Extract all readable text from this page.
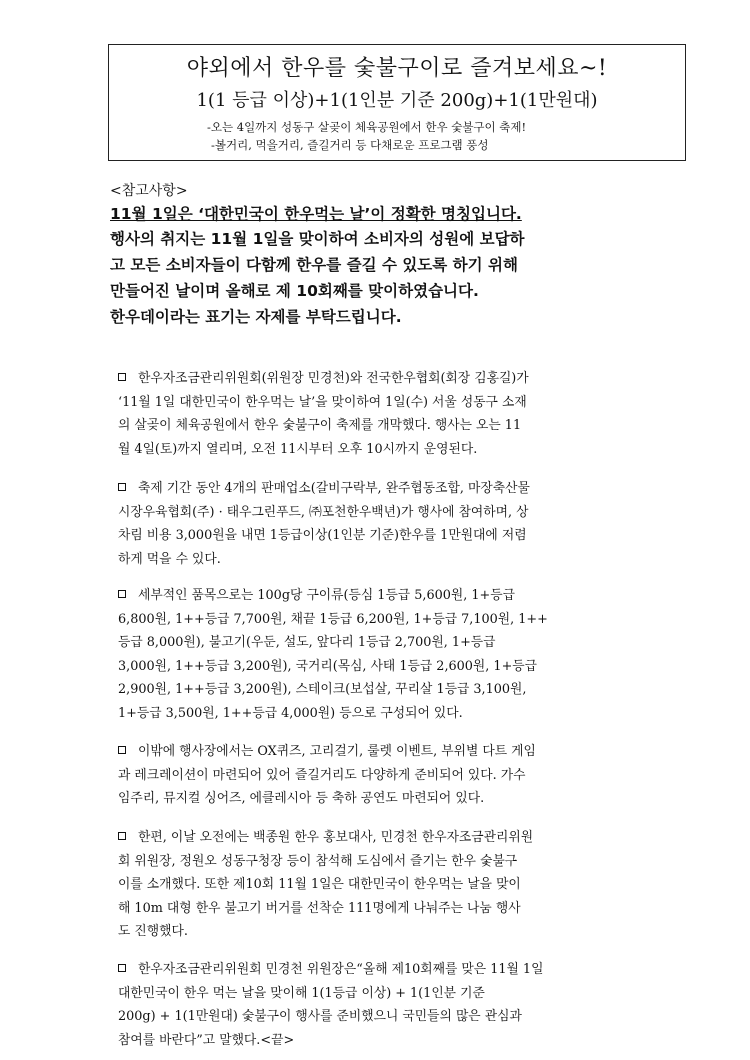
야외에서 한우를 숯불구이로 즐겨보세요~!
1(1 등급 이상)+1(1인분 기준 200g)+1(1만원대)
-오는 4일까지 성동구 살곶이 체육공원에서 한우 숯불구이 축제!
-볼거리, 먹을거리, 즐길거리 등 다채로운 프로그램 풍성
<참고사항>
11월 1일은 ‘대한민국이 한우먹는 날’이 정확한 명칭입니다.
행사의 취지는 11월 1일을 맞이하여 소비자의 성원에 보답하
고 모든 소비자들이 다함께 한우를 즐길 수 있도록 하기 위해
만들어진 날이며 올해로 제 10회째를 맞이하였습니다.
한우데이라는 표기는 자제를 부탁드립니다.
한우자조금관리위원회(위원장 민경천)와 전국한우협회(회장 김홍길)가
‘11월 1일 대한민국이 한우먹는 날’을 맞이하여 1일(수) 서울 성동구 소재
의 살곶이 체육공원에서 한우 숯불구이 축제를 개막했다. 행사는 오는 11
월 4일(토)까지 열리며, 오전 11시부터 오후 10시까지 운영된다.
축제 기간 동안 4개의 판매업소(갈비구락부, 완주협동조합, 마장축산물
시장우육협회(주) · 태우그린푸드, ㈜포천한우백년)가 행사에 참여하며, 상
차림 비용 3,000원을 내면 1등급이상(1인분 기준)한우를 1만원대에 저렴
하게 먹을 수 있다.
세부적인 품목으로는 100g당 구이류(등심 1등급 5,600원, 1+등급
6,800원, 1++등급 7,700원, 채끝 1등급 6,200원, 1+등급 7,100원, 1++
등급 8,000원), 불고기(우둔, 설도, 앞다리 1등급 2,700원, 1+등급
3,000원, 1++등급 3,200원), 국거리(목심, 사태 1등급 2,600원, 1+등급
2,900원, 1++등급 3,200원), 스테이크(보섭살, 꾸리살 1등급 3,100원,
1+등급 3,500원, 1++등급 4,000원) 등으로 구성되어 있다.
이밖에 행사장에서는 OX퀴즈, 고리걸기, 룰렛 이벤트, 부위별 다트 게임
과 레크레이션이 마련되어 있어 즐길거리도 다양하게 준비되어 있다. 가수
임주리, 뮤지컬 싱어즈, 에클레시아 등 축하 공연도 마련되어 있다.
한편, 이날 오전에는 백종원 한우 홍보대사, 민경천 한우자조금관리위원
회 위원장, 정원오 성동구청장 등이 참석해 도심에서 즐기는 한우 숯불구
이를 소개했다. 또한 제10회 11월 1일은 대한민국이 한우먹는 날을 맞이
해 10m 대형 한우 불고기 버거를 선착순 111명에게 나눠주는 나눔 행사
도 진행했다.
한우자조금관리위원회 민경천 위원장은“올해 제10회째를 맞은 11월 1일
대한민국이 한우 먹는 날을 맞이해 1(1등급 이상) + 1(1인분 기준
200g) + 1(1만원대) 숯불구이 행사를 준비했으니 국민들의 많은 관심과
참여를 바란다”고 말했다.<끝>
